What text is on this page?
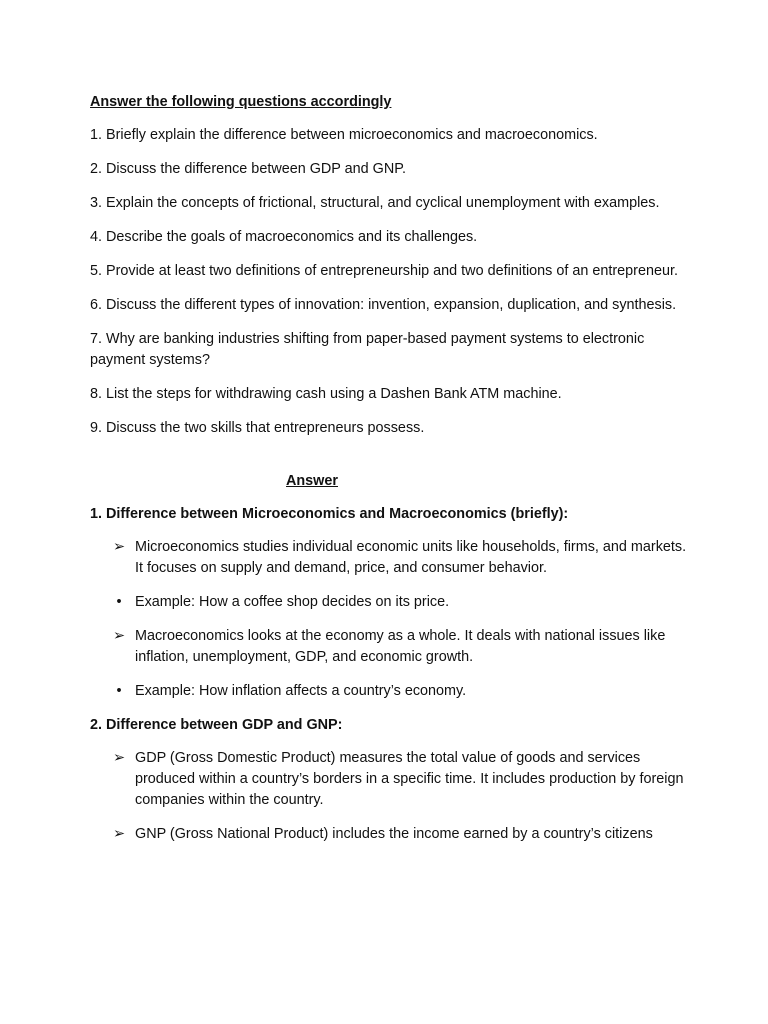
Answer the following questions accordingly

1. Briefly explain the difference between microeconomics and macroeconomics.

2. Discuss the difference between GDP and GNP.

3. Explain the concepts of frictional, structural, and cyclical unemployment with examples.

4. Describe the goals of macroeconomics and its challenges.

5. Provide at least two definitions of entrepreneurship and two definitions of an entrepreneur.

6. Discuss the different types of innovation: invention, expansion, duplication, and synthesis.

7. Why are banking industries shifting from paper-based payment systems to electronic payment systems?

8. List the steps for withdrawing cash using a Dashen Bank ATM machine.

9. Discuss the two skills that entrepreneurs possess.

Answer

1. Difference between Microeconomics and Macroeconomics (briefly):

➢ Microeconomics studies individual economic units like households, firms, and markets. It focuses on supply and demand, price, and consumer behavior.
• Example: How a coffee shop decides on its price.
➢ Macroeconomics looks at the economy as a whole. It deals with national issues like inflation, unemployment, GDP, and economic growth.
• Example: How inflation affects a country’s economy.

2. Difference between GDP and GNP:

➢ GDP (Gross Domestic Product) measures the total value of goods and services produced within a country’s borders in a specific time. It includes production by foreign companies within the country.
➢ GNP (Gross National Product) includes the income earned by a country’s citizens
